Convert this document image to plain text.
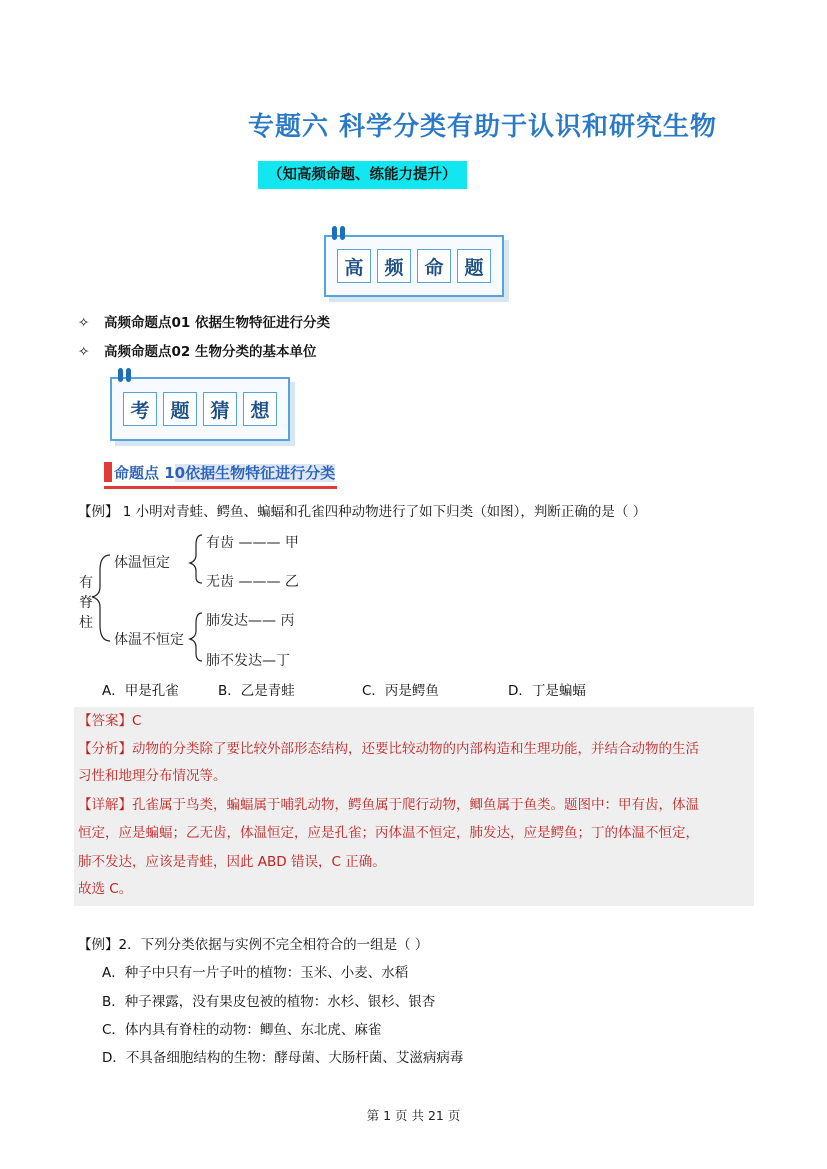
专题六 科学分类有助于认识和研究生物
（知高频命题、练能力提升）
高	频	命	题
✧ 高频命题点01 依据生物特征进行分类
✧ 高频命题点02 生物分类的基本单位
考	题	猜	想
命题点 10依据生物特征进行分类
【例】 1 小明对青蛙、鳄鱼、蝙蝠和孔雀四种动物进行了如下归类（如图），判断正确的是（ ）
有
脊
柱
体温恒定
体温不恒定
有齿 ——— 甲
无齿 ——— 乙
肺发达—— 丙
肺不发达—丁
A．甲是孔雀	B．乙是青蛙	C．丙是鳄鱼	D．丁是蝙蝠
【答案】C
【分析】动物的分类除了要比较外部形态结构，还要比较动物的内部构造和生理功能，并结合动物的生活
习性和地理分布情况等。
【详解】孔雀属于鸟类，蝙蝠属于哺乳动物，鳄鱼属于爬行动物，鲫鱼属于鱼类。题图中：甲有齿，体温
恒定，应是蝙蝠；乙无齿，体温恒定，应是孔雀；丙体温不恒定，肺发达，应是鳄鱼；丁的体温不恒定，
肺不发达，应该是青蛙，因此 ABD 错误，C 正确。
故选 C。
【例】2．下列分类依据与实例不完全相符合的一组是（ ）
A．种子中只有一片子叶的植物：玉米、小麦、水稻
B．种子裸露，没有果皮包被的植物：水杉、银杉、银杏
C．体内具有脊柱的动物：鲫鱼、东北虎、麻雀
D．不具备细胞结构的生物：酵母菌、大肠杆菌、艾滋病病毒
第 1 页 共 21 页
